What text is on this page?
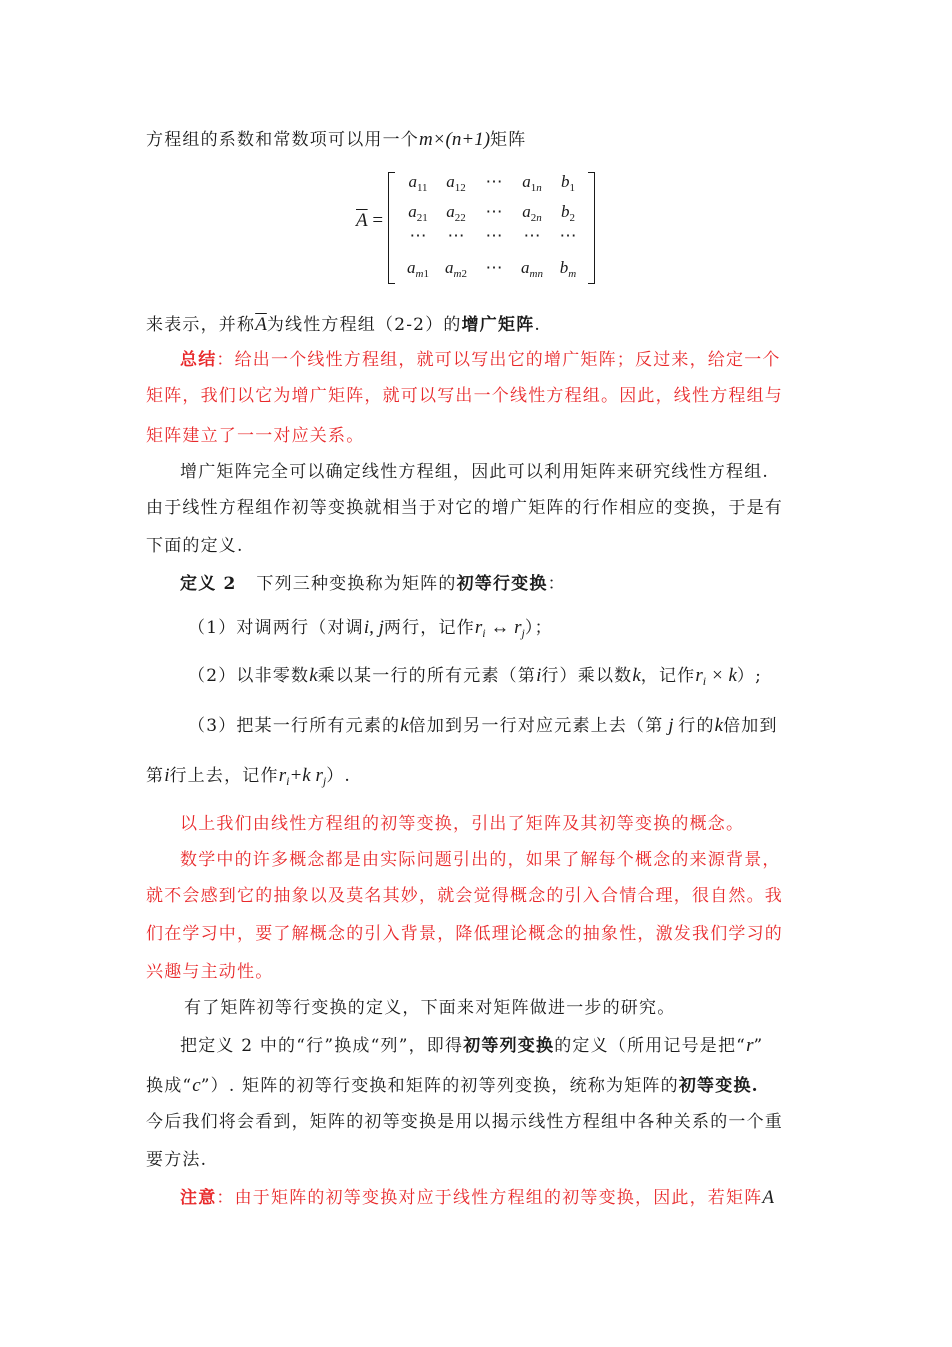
方程组的系数和常数项可以用一个m×(n+1)矩阵
$\overline{A}$ =
$a_{11}$	$a_{12}$	⋯	$a_{1n}$	$b_1$
$a_{21}$	$a_{22}$	⋯	$a_{2n}$	$b_2$
⋯	⋯	⋯	⋯	⋯
$a_{m1}$ $a_{m2}$	⋯	$a_{mn}$ $b_m$
来表示，并称$\overline{A}$为线性方程组（2-2）的增广矩阵.
总结：给出一个线性方程组，就可以写出它的增广矩阵；反过来，给定一个
矩阵，我们以它为增广矩阵，就可以写出一个线性方程组。因此，线性方程组与
矩阵建立了一一对应关系。
增广矩阵完全可以确定线性方程组，因此可以利用矩阵来研究线性方程组.
由于线性方程组作初等变换就相当于对它的增广矩阵的行作相应的变换，于是有
下面的定义.
定义 2 下列三种变换称为矩阵的初等行变换：
（1）对调两行（对调i, j两行，记作$r_i$ ↔ $r_j$）；
（2）以非零数k乘以某一行的所有元素（第i行）乘以数k，记作$r_i \times k$）;
（3）把某一行所有元素的k倍加到另一行对应元素上去（第 j 行的k倍加到
第i行上去，记作$r_i+k$ $r_j$）.
以上我们由线性方程组的初等变换，引出了矩阵及其初等变换的概念。
数学中的许多概念都是由实际问题引出的，如果了解每个概念的来源背景，
就不会感到它的抽象以及莫名其妙，就会觉得概念的引入合情合理，很自然。我
们在学习中，要了解概念的引入背景，降低理论概念的抽象性，激发我们学习的
兴趣与主动性。
有了矩阵初等行变换的定义，下面来对矩阵做进一步的研究。
把定义 2 中的“行”换成“列”，即得初等列变换的定义（所用记号是把“r”
换成“c”）. 矩阵的初等行变换和矩阵的初等列变换，统称为矩阵的初等变换.
今后我们将会看到，矩阵的初等变换是用以揭示线性方程组中各种关系的一个重
要方法.
注意：由于矩阵的初等变换对应于线性方程组的初等变换，因此，若矩阵A
